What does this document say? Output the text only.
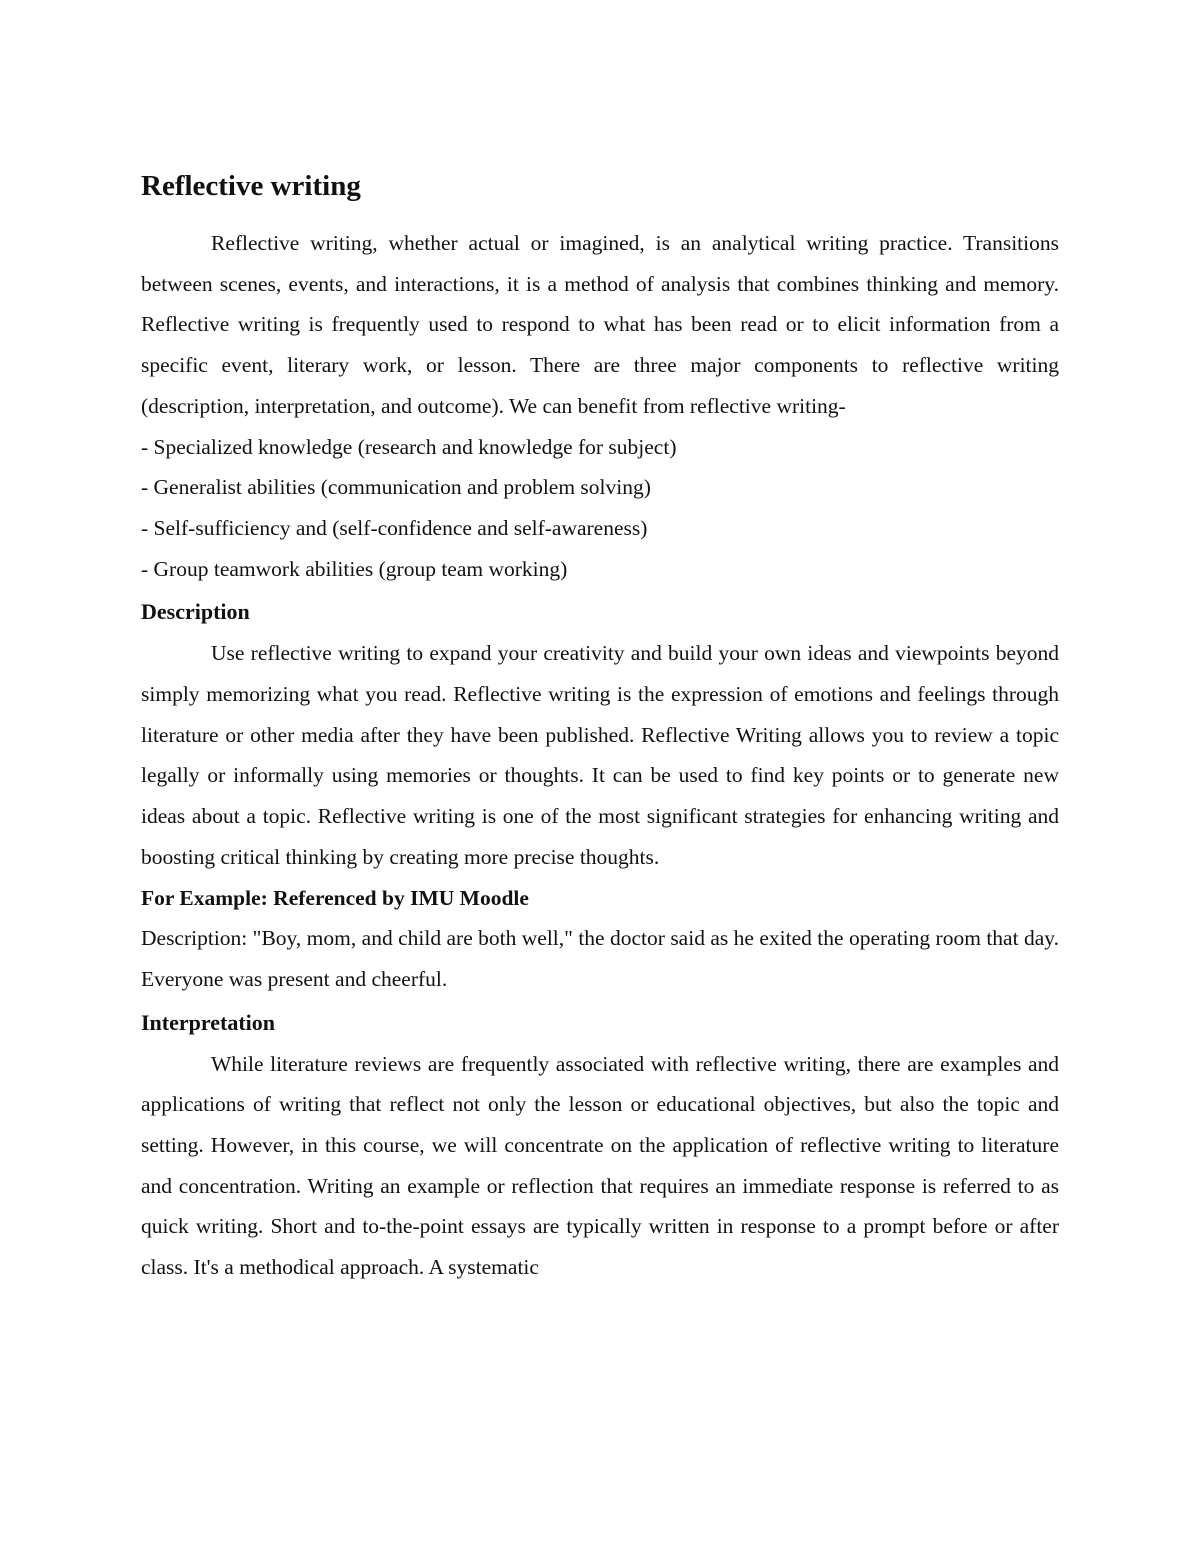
Reflective writing

Reflective writing, whether actual or imagined, is an analytical writing practice. Transitions between scenes, events, and interactions, it is a method of analysis that combines thinking and memory. Reflective writing is frequently used to respond to what has been read or to elicit information from a specific event, literary work, or lesson. There are three major components to reflective writing (description, interpretation, and outcome). We can benefit from reflective writing-

- Specialized knowledge (research and knowledge for subject)

- Generalist abilities (communication and problem solving)

- Self-sufficiency and (self-confidence and self-awareness)

- Group teamwork abilities (group team working)

Description

Use reflective writing to expand your creativity and build your own ideas and viewpoints beyond simply memorizing what you read. Reflective writing is the expression of emotions and feelings through literature or other media after they have been published. Reflective Writing allows you to review a topic legally or informally using memories or thoughts. It can be used to find key points or to generate new ideas about a topic. Reflective writing is one of the most significant strategies for enhancing writing and boosting critical thinking by creating more precise thoughts.

For Example: Referenced by IMU Moodle

Description: "Boy, mom, and child are both well," the doctor said as he exited the operating room that day. Everyone was present and cheerful.

Interpretation

While literature reviews are frequently associated with reflective writing, there are examples and applications of writing that reflect not only the lesson or educational objectives, but also the topic and setting. However, in this course, we will concentrate on the application of reflective writing to literature and concentration. Writing an example or reflection that requires an immediate response is referred to as quick writing. Short and to-the-point essays are typically written in response to a prompt before or after class. It's a methodical approach. A systematic
